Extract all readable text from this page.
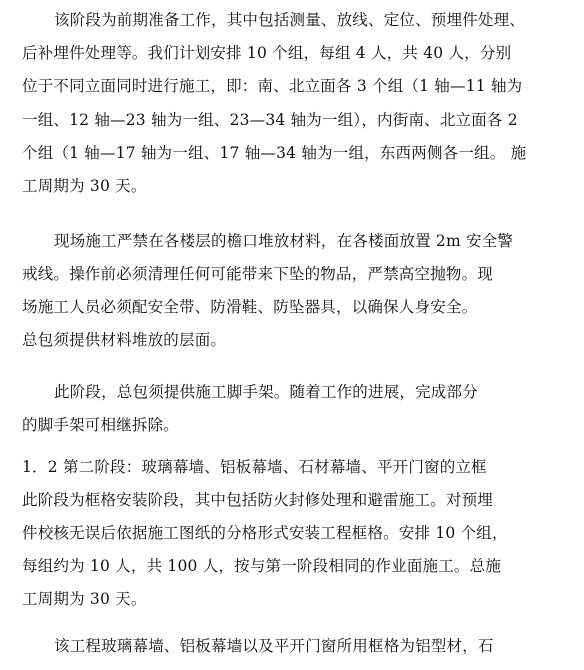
该阶段为前期准备工作，其中包括测量、放线、定位、预埋件处理、
后补埋件处理等。我们计划安排 10 个组，每组 4 人，共 40 人，分别
位于不同立面同时进行施工，即：南、北立面各 3 个组（1 轴—11 轴为
一组、12 轴—23 轴为一组、23—34 轴为一组），内街南、北立面各 2
个组（1 轴—17 轴为一组、17 轴—34 轴为一组，东西两侧各一组。 施
工周期为 30 天。
现场施工严禁在各楼层的檐口堆放材料，在各楼面放置 2m 安全警
戒线。操作前必须清理任何可能带来下坠的物品，严禁高空抛物。现
场施工人员必须配安全带、防滑鞋、防坠器具，以确保人身安全。
总包须提供材料堆放的层面。
此阶段，总包须提供施工脚手架。随着工作的进展，完成部分
的脚手架可相继拆除。
1．2 第二阶段：玻璃幕墙、铝板幕墙、石材幕墙、平开门窗的立框
此阶段为框格安装阶段，其中包括防火封修处理和避雷施工。对预埋
件校核无误后依据施工图纸的分格形式安装工程框格。安排 10 个组，
每组约为 10 人，共 100 人，按与第一阶段相同的作业面施工。总施
工周期为 30 天。
该工程玻璃幕墙、铝板幕墙以及平开门窗所用框格为铝型材，石
